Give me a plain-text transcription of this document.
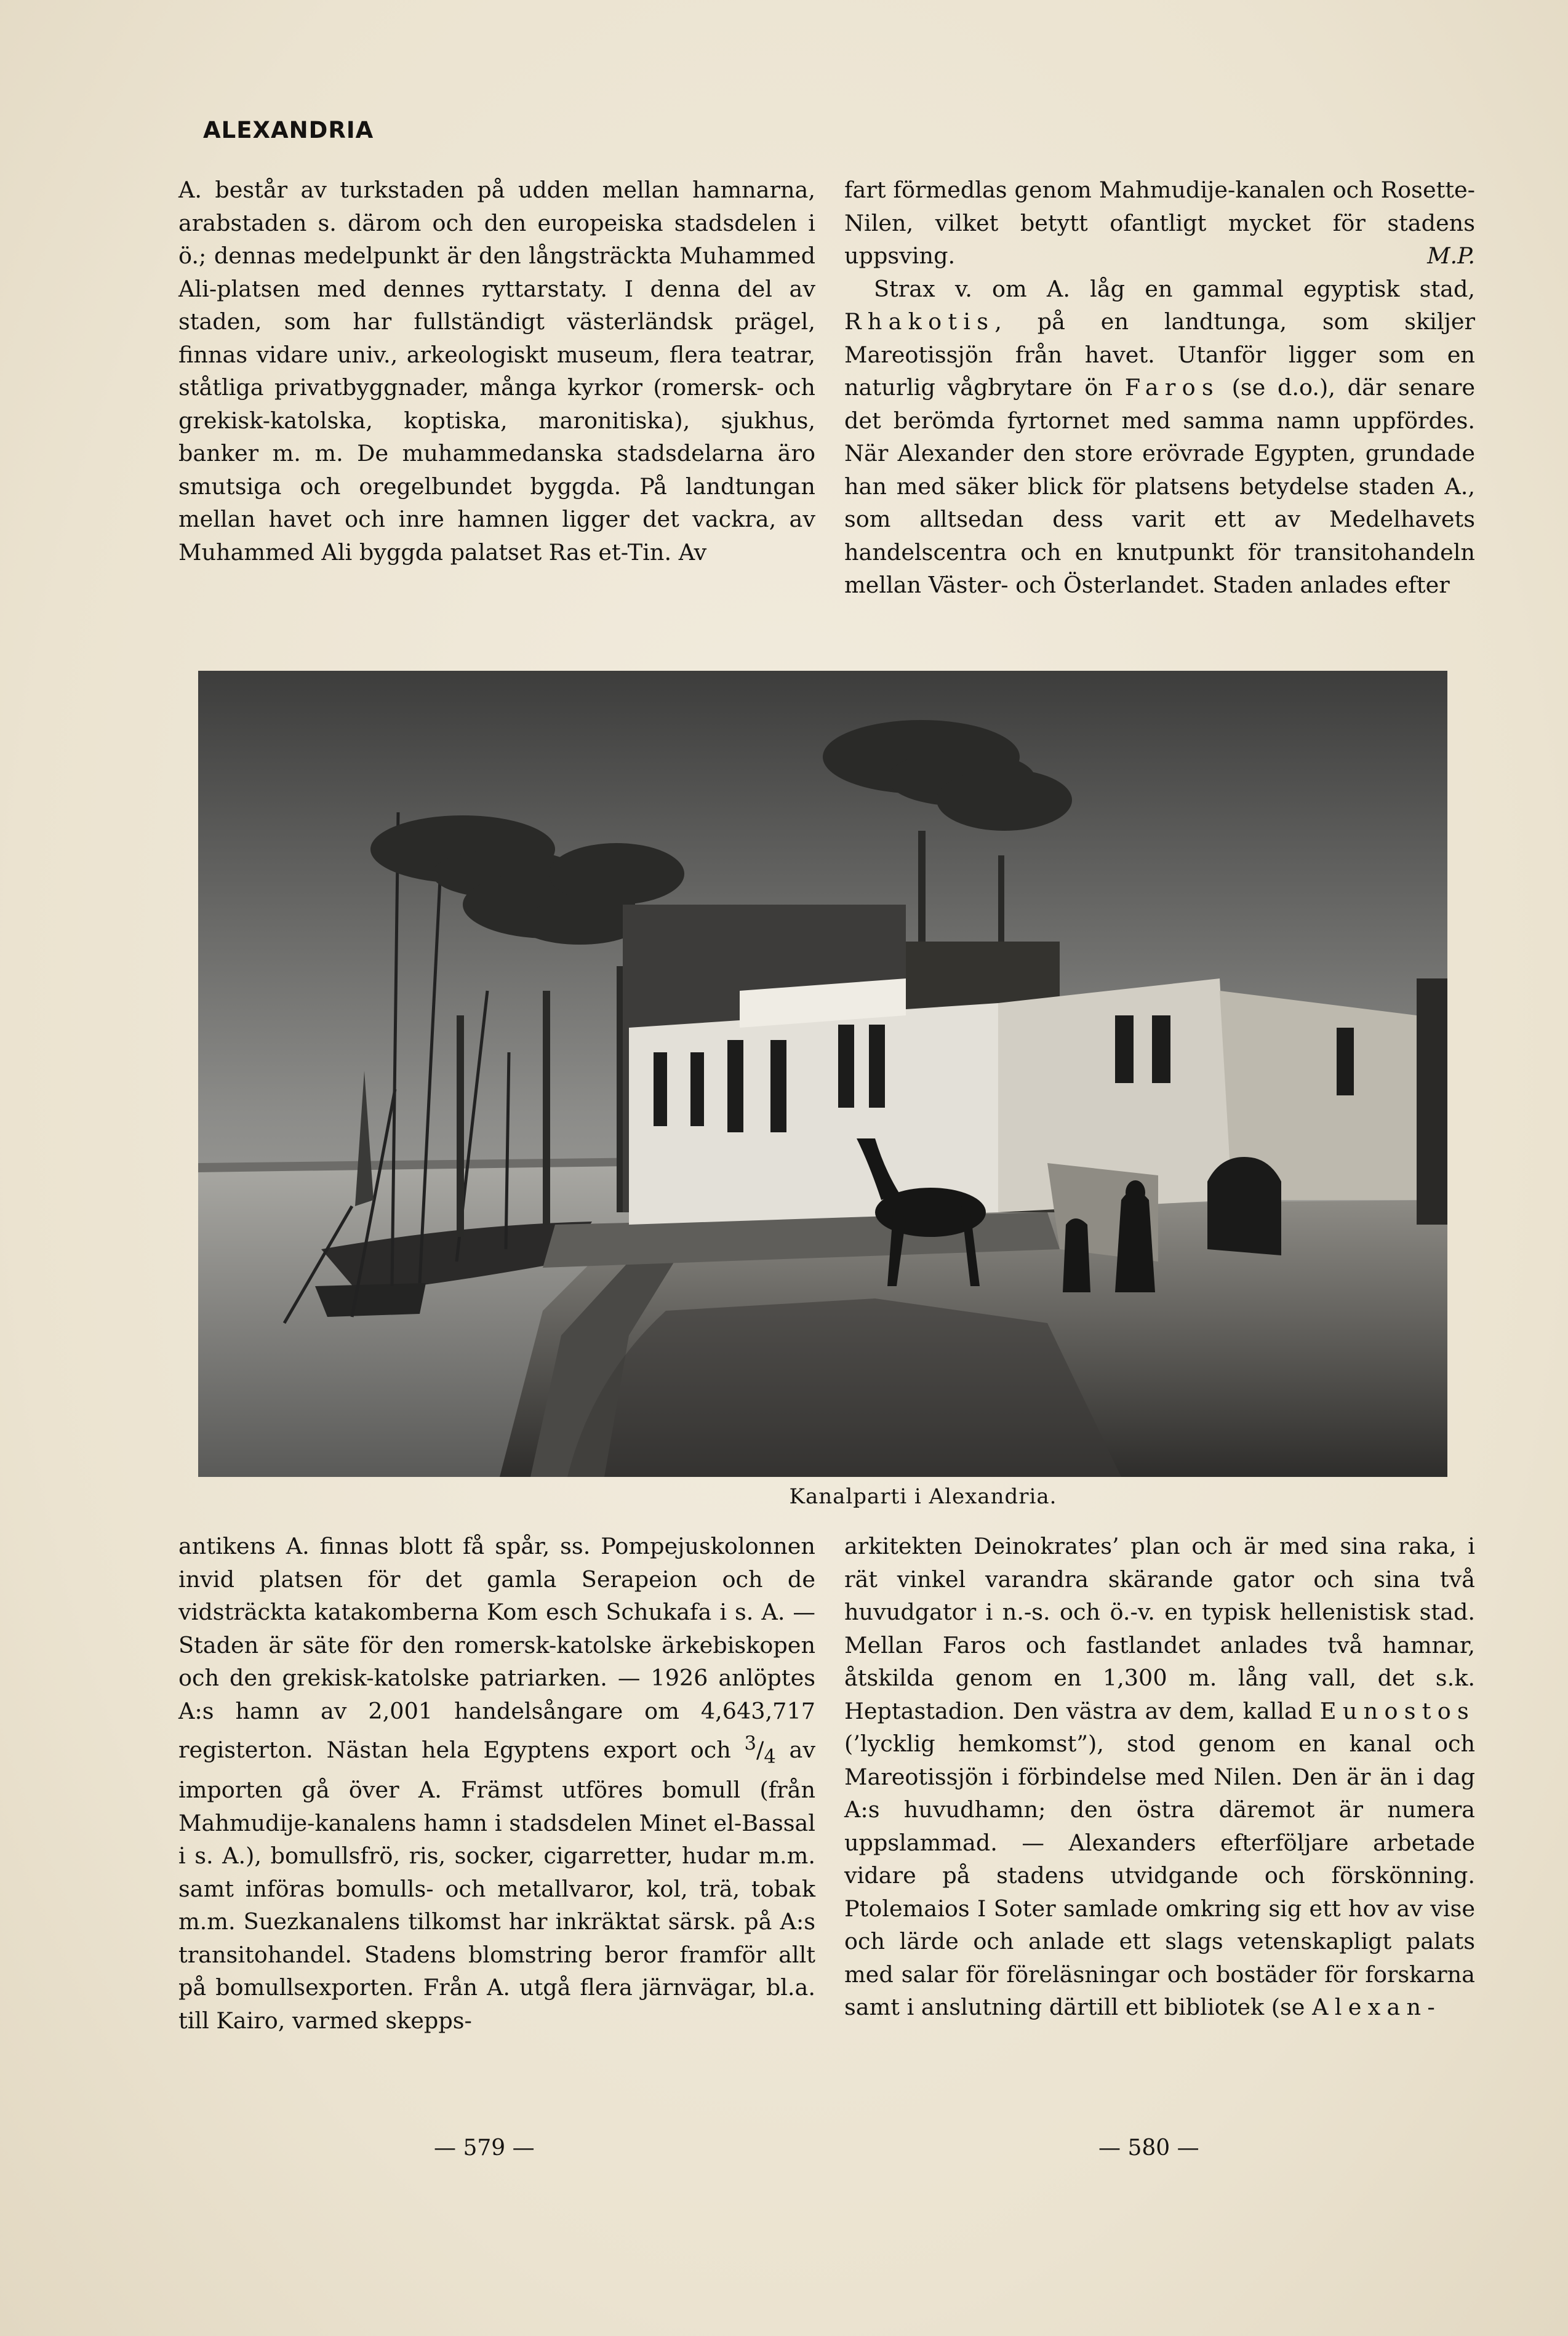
ALEXANDRIA

A. består av turkstaden på udden mellan hamnarna, arabstaden s. därom och den europeiska stadsdelen i ö.; dennas medelpunkt är den långsträckta Muhammed Ali-platsen med dennes ryttarstaty. I denna del av staden, som har fullständigt västerländsk prägel, finnas vidare univ., arkeologiskt museum, flera teatrar, ståtliga privatbyggnader, många kyrkor (romersk- och grekisk-katolska, koptiska, maronitiska), sjukhus, banker m. m. De muhammedanska stadsdelarna äro smutsiga och oregelbundet byggda. På landtungan mellan havet och inre hamnen ligger det vackra, av Muhammed Ali byggda palatset Ras et-Tin. Av

fart förmedlas genom Mahmudije-kanalen och Rosette-Nilen, vilket betytt ofantligt mycket för stadens uppsving.	M.P.

Strax v. om A. låg en gammal egyptisk stad, Rhakotis, på en landtunga, som skiljer Mareotissjön från havet. Utanför ligger som en naturlig vågbrytare ön Faros (se d.o.), där senare det berömda fyrtornet med samma namn uppfördes. När Alexander den store erövrade Egypten, grundade han med säker blick för platsens betydelse staden A., som alltsedan dess varit ett av Medelhavets handelscentra och en knutpunkt för transitohandeln mellan Väster- och Österlandet. Staden anlades efter

Kanalparti i Alexandria.

antikens A. finnas blott få spår, ss. Pompejuskolonnen invid platsen för det gamla Serapeion och de vidsträckta katakomberna Kom esch Schukafa i s. A. — Staden är säte för den romersk-katolske ärkebiskopen och den grekisk-katolske patriarken. — 1926 anlöptes A:s hamn av 2,001 handelsångare om 4,643,717 registerton. Nästan hela Egyptens export och $^3/_4$ av importen gå över A. Främst utföres bomull (från Mahmudije-kanalens hamn i stadsdelen Minet el-Bassal i s. A.), bomullsfrö, ris, socker, cigarretter, hudar m.m. samt införas bomulls- och metallvaror, kol, trä, tobak m.m. Suezkanalens tilkomst har inkräktat särsk. på A:s transitohandel. Stadens blomstring beror framför allt på bomullsexporten. Från A. utgå flera järnvägar, bl.a. till Kairo, varmed skepps-

arkitekten Deinokrates’ plan och är med sina raka, i rät vinkel varandra skärande gator och sina två huvudgator i n.-s. och ö.-v. en typisk hellenistisk stad. Mellan Faros och fastlandet anlades två hamnar, åtskilda genom en 1,300 m. lång vall, det s.k. Heptastadion. Den västra av dem, kallad Eunostos (’lycklig hemkomst”), stod genom en kanal och Mareotissjön i förbindelse med Nilen. Den är än i dag A:s huvudhamn; den östra däremot är numera uppslammad. — Alexanders efterföljare arbetade vidare på stadens utvidgande och förskönning. Ptolemaios I Soter samlade omkring sig ett hov av vise och lärde och anlade ett slags vetenskapligt palats med salar för föreläsningar och bostäder för forskarna samt i anslutning därtill ett bibliotek (se Alexan-

— 579 —	— 580 —
